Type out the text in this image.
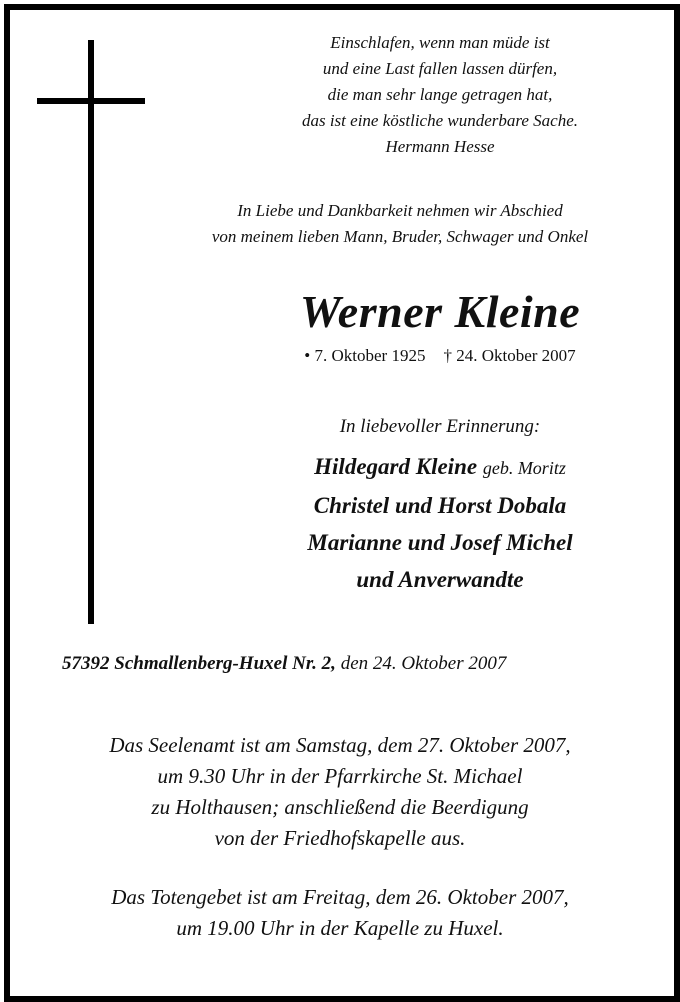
Einschlafen, wenn man müde ist
und eine Last fallen lassen dürfen,
die man sehr lange getragen hat,
das ist eine köstliche wunderbare Sache.
Hermann Hesse
In Liebe und Dankbarkeit nehmen wir Abschied
von meinem lieben Mann, Bruder, Schwager und Onkel
Werner Kleine
• 7. Oktober 1925 † 24. Oktober 2007
In liebevoller Erinnerung:
Hildegard Kleine geb. Moritz
Christel und Horst Dobala
Marianne und Josef Michel
und Anverwandte
57392 Schmallenberg-Huxel Nr. 2, den 24. Oktober 2007
Das Seelenamt ist am Samstag, dem 27. Oktober 2007,
um 9.30 Uhr in der Pfarrkirche St. Michael
zu Holthausen; anschließend die Beerdigung
von der Friedhofskapelle aus.
Das Totengebet ist am Freitag, dem 26. Oktober 2007,
um 19.00 Uhr in der Kapelle zu Huxel.
